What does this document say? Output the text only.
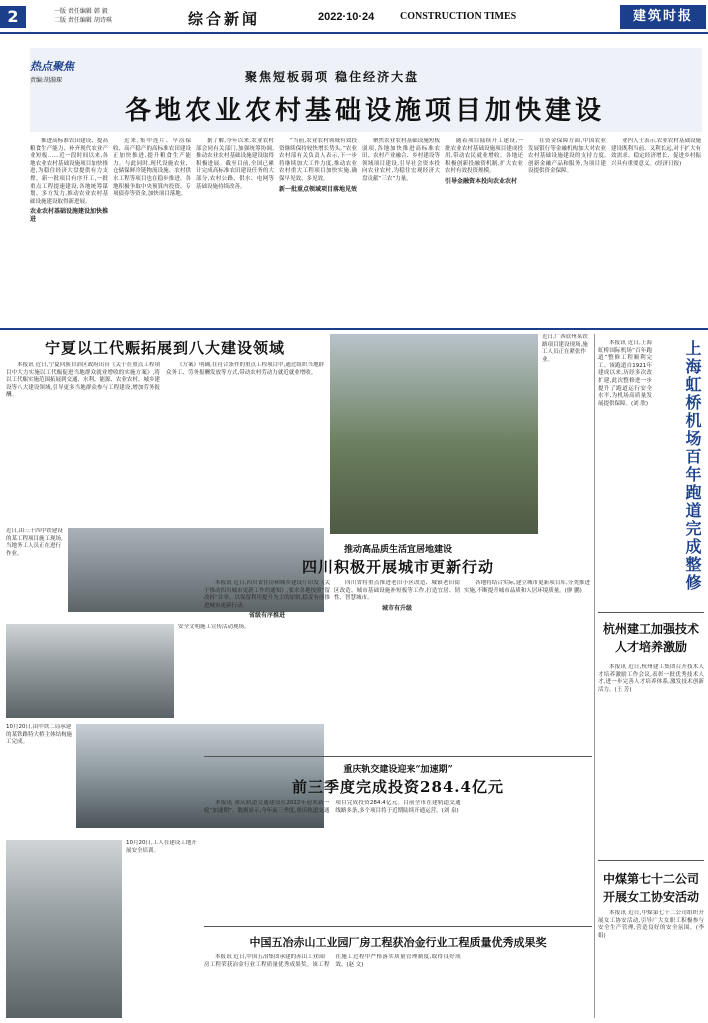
2	一版 责任编辑 韩 毅
二版 责任编辑 胡诗琪	综合新闻	2022·10·24	CONSTRUCTION TIMES	建筑时报
热点聚焦
责编:胡漪琛	聚焦短板弱项 稳住经济大盘
各地农业农村基础设施项目加快建设

推进高标准农田建设、提高粮食生产能力、补齐现代农业产业短板……近一段时间以来,各地农业农村基础设施项目加快推进,为稳住经济大盘提供有力支撑。新一批项目有序开工,一批重点工程提速建设,各地统筹谋划、多方发力,推动农业农村基础设施建设取得新进展。

农业农村基础设施建设加快推进

近来,集中连片、旱涝保收、高产稳产的高标准农田建设正加快推进,提升粮食生产能力。与此同时,现代设施农业、仓储保鲜冷链物流设施、农村供水工程等项目也在稳步推进。各地积极争取中央预算内投资、专项债券等资金,加快项目落地。

据了解,今年以来,农业农村部会同有关部门,加强统筹协调,推动农业农村基础设施建设取得积极进展。截至目前,全国已累计完成高标准农田建设任务的大部分,农村公路、供水、电网等基础设施持续改善。

“当前,农业农村领域有效投资继续保持较快增长势头。”农业农村部有关负责人表示,下一步将继续加大工作力度,推动农业农村重大工程项目加快实施,确保早见效、多见效。

新一批重点领域项目落地见效

聚焦农业农村基础设施短板弱项,各地加快推进高标准农田、农村产业融合、乡村建设等领域项目建设,引导社会资本投向农业农村,为稳住宏观经济大盘贡献“三农”力量。

随着项目陆续开工建设,一批农业农村基础设施项目建成投用,带动农民就业增收。各地还积极创新投融资机制,扩大农业农村有效投资规模。

引导金融资本投向农业农村

在资金保障方面,中国农业发展银行等金融机构加大对农业农村基础设施建设的支持力度,创新金融产品和服务,为项目建设提供资金保障。

业内人士表示,农业农村基础设施建设既利当前、又利长远,对于扩大有效需求、稳定经济增长、促进乡村振兴具有重要意义。(经济日报)

宁夏以工代赈拓展到八大建设领域

本报讯 近日,宁夏回族自治区政府出台《关于在重点工程项目中大力实施以工代赈促进当地群众就业增收的实施方案》,将以工代赈实施范围拓展到交通、水利、能源、农业农村、城乡建设等八大建设领域,引导更多当地群众参与工程建设,增加劳务报酬。

《方案》明确,在符合条件的重点工程项目中,通过组织当地群众务工、劳务报酬发放等方式,带动农村劳动力就近就业增收。

近日,由三十四中铁建设的某工程项目施工现场,当地务工人员正在进行作业。
安全文明施工宣传活动现场。
10月20日,由中铁二局承建的某铁路特大桥主体结构施工完成。
10月20日,工人在建设工地开展安全培训。
近日,广西钦州某铁路项目建设现场,施工人员正在紧张作业。
推动高品质生活宜居地建设
四川积极开展城市更新行动

本报讯 近日,四川省住房和城乡建设厅印发《关于推动四川城市更新工作的通知》,要求各地按照“留改拆”并举、以保留利用提升为主的原则,稳妥有序推进城市更新行动。

省级有序推进

四川省将重点推进老旧小区改造、城镇老旧街区改造、城市基础设施补短板等工作,打造宜居、韧性、智慧城市。

城市有升级

各地将结合实际,建立城市更新项目库,分类推进实施,不断提升城市品质和人居环境质量。(廖 鹏)

重庆轨交建设迎来“加速期”
前三季度完成投资284.4亿元

本报讯 重庆轨道交通建设在2022年迎来新一轮“加速期”。数据显示,今年前三季度,重庆轨道交通项目完成投资284.4亿元。目前全市在建轨道交通线路多条,多个项目将于近期陆续开通运营。(刘 泉)

中国五冶赤山工业园厂房工程获冶金行业工程质量优秀成果奖

本报讯 近日,中国五冶集团承建的赤山工业园厂房工程荣获冶金行业工程质量优秀成果奖。该工程在施工过程中严格落实质量管理制度,取得良好成效。(赵 文)

本报讯 近日,上海虹桥国际机场“百年跑道”整修工程顺利完工。该跑道自1921年建成以来,历经多次改扩建,此次整修进一步提升了跑道运行安全水平,为机场高质量发展提供保障。(刘 欣)	上海虹桥机场百年跑道完成整修
杭州建工加强技术人才培养激励

本报讯 近日,杭州建工集团召开技术人才培养激励工作会议,表彰一批优秀技术人才,进一步完善人才培养体系,激发技术创新活力。(王 芳)

中煤第七十二公司开展女工协安活动

本报讯 近日,中煤第七十二公司组织开展女工协安活动,引导广大女职工积极参与安全生产管理,营造良好的安全氛围。(李 娟)
